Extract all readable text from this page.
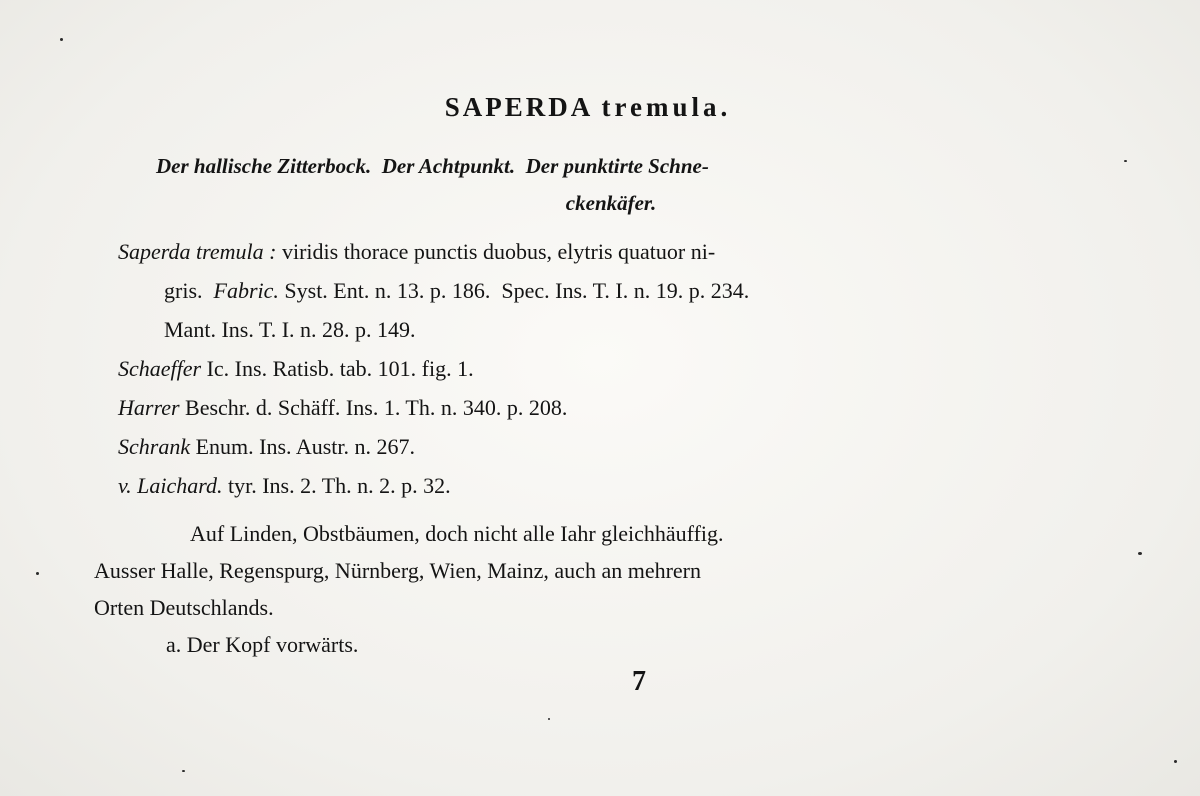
SAPERDA tremula.
Der hallische Zitterbock.  Der Achtpunkt.  Der punktirte Schne-
ckenkäfer.
Saperda tremula : viridis thorace punctis duobus, elytris quatuor ni-
gris.  Fabric. Syst. Ent. n. 13. p. 186.  Spec. Ins. T. I. n. 19. p. 234.
Mant. Ins. T. I. n. 28. p. 149.
Schaeffer Ic. Ins. Ratisb. tab. 101. fig. 1.
Harrer Beschr. d. Schäff. Ins. 1. Th. n. 340. p. 208.
Schrank Enum. Ins. Austr. n. 267.
v. Laichard. tyr. Ins. 2. Th. n. 2. p. 32.
Auf Linden, Obstbäumen, doch nicht alle Iahr gleichhäuffig.
Ausser Halle, Regenspurg, Nürnberg, Wien, Mainz, auch an mehrern
Orten Deutschlands.
a. Der Kopf vorwärts.
7
